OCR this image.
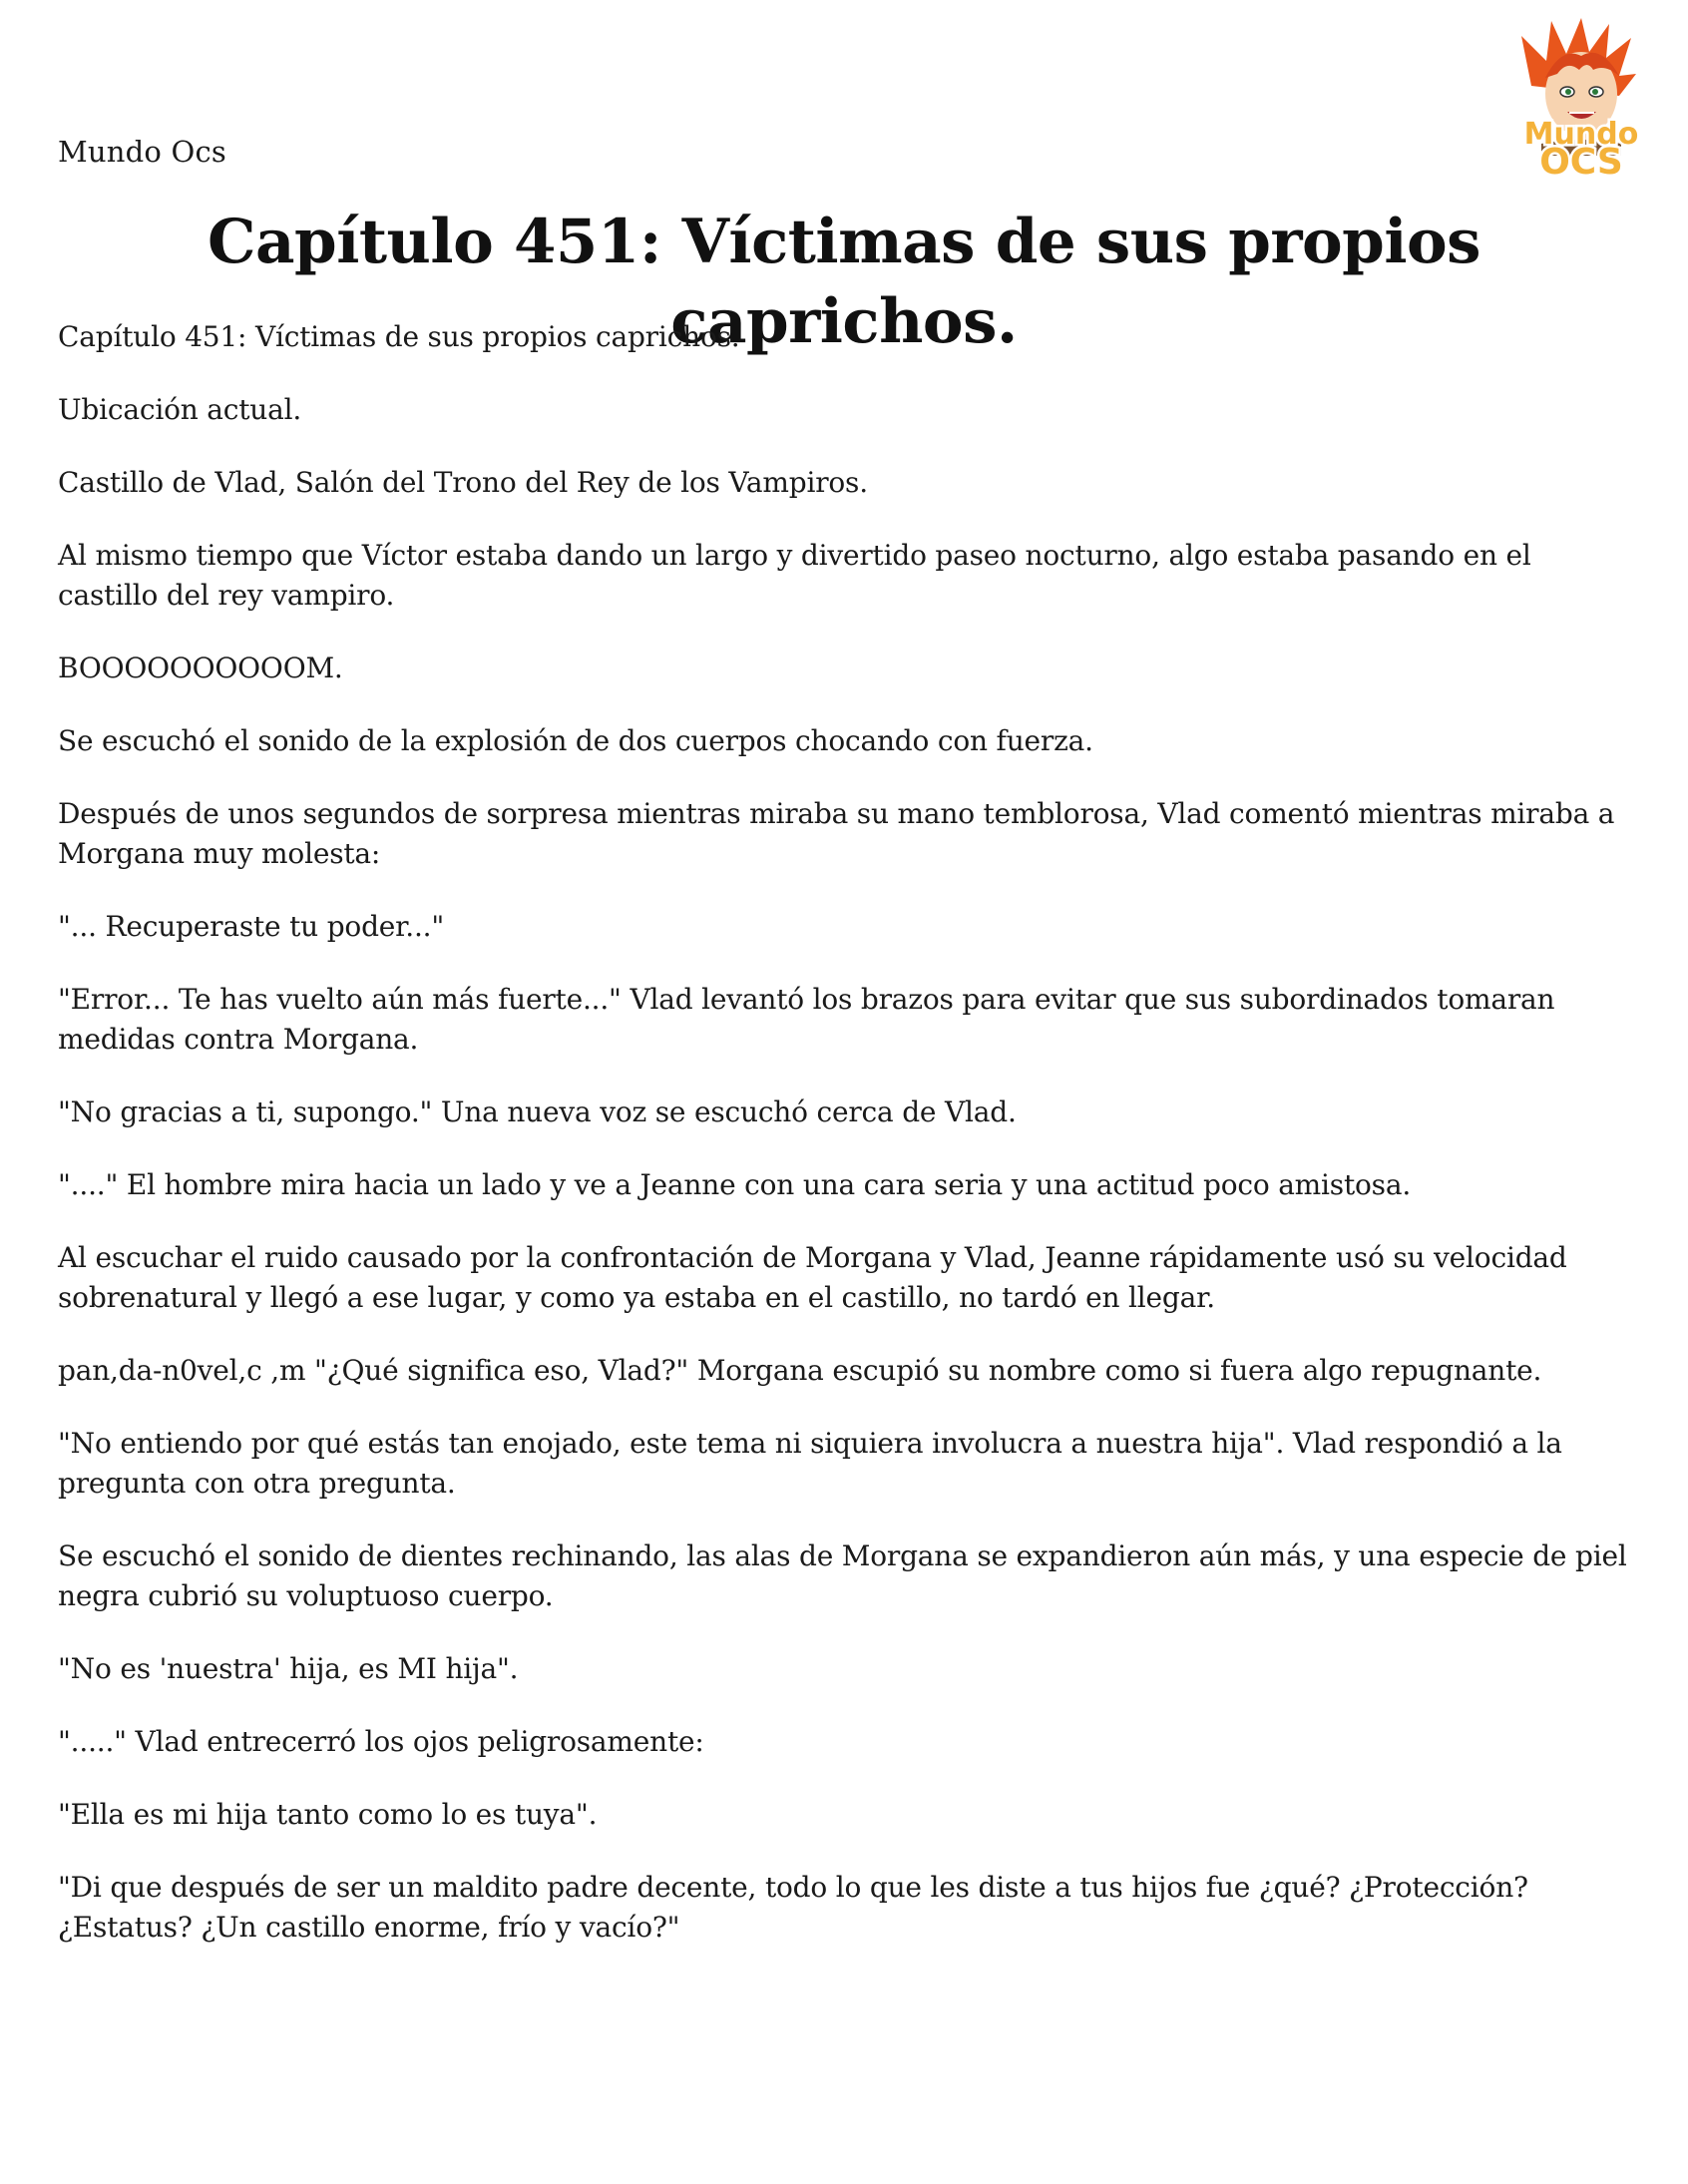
Mundo Ocs	Mundo
OCS
Capítulo 451: Víctimas de sus propios caprichos.

Capítulo 451: Víctimas de sus propios caprichos.

Ubicación actual.

Castillo de Vlad, Salón del Trono del Rey de los Vampiros.

Al mismo tiempo que Víctor estaba dando un largo y divertido paseo nocturno, algo estaba pasando en el castillo del rey vampiro.

BOOOOOOOOOOM.

Se escuchó el sonido de la explosión de dos cuerpos chocando con fuerza.

Después de unos segundos de sorpresa mientras miraba su mano temblorosa, Vlad comentó mientras miraba a Morgana muy molesta:

"... Recuperaste tu poder..."

"Error... Te has vuelto aún más fuerte..." Vlad levantó los brazos para evitar que sus subordinados tomaran medidas contra Morgana.

"No gracias a ti, supongo." Una nueva voz se escuchó cerca de Vlad.

"...." El hombre mira hacia un lado y ve a Jeanne con una cara seria y una actitud poco amistosa.

Al escuchar el ruido causado por la confrontación de Morgana y Vlad, Jeanne rápidamente usó su velocidad sobrenatural y llegó a ese lugar, y como ya estaba en el castillo, no tardó en llegar.

pan,da-n0vel,c ,m "¿Qué significa eso, Vlad?" Morgana escupió su nombre como si fuera algo repugnante.

"No entiendo por qué estás tan enojado, este tema ni siquiera involucra a nuestra hija". Vlad respondió a la pregunta con otra pregunta.

Se escuchó el sonido de dientes rechinando, las alas de Morgana se expandieron aún más, y una especie de piel negra cubrió su voluptuoso cuerpo.

"No es 'nuestra' hija, es MI hija".

"....." Vlad entrecerró los ojos peligrosamente:

"Ella es mi hija tanto como lo es tuya".

"Di que después de ser un maldito padre decente, todo lo que les diste a tus hijos fue ¿qué? ¿Protección? ¿Estatus? ¿Un castillo enorme, frío y vacío?"
